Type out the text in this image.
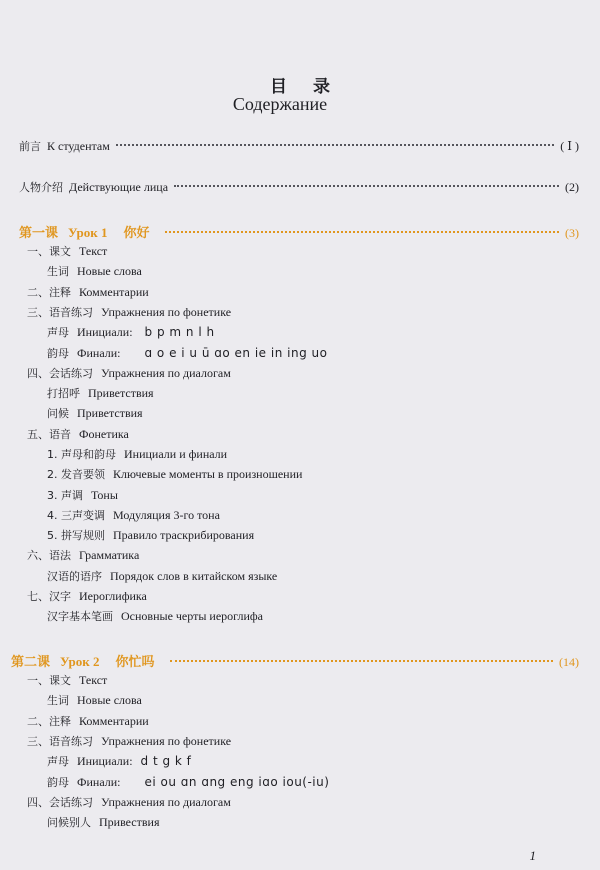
目录
Содержание
前言 К студентам	( Ⅰ )
人物介绍 Действующие лица	(2)
第一课 Урок 1 你好	(3)
一、课文 Текст
生词 Новые слова
二、注释 Комментарии
三、语音练习 Упражнения по фонетике
声母 Инициали: b p m n l h
韵母 Финали: ɑ o e i u ū ɑo en ie in ing uo
四、会话练习 Упражнения по диалогам
打招呼 Приветствия
问候 Приветствия
五、语音 Фонетика
1. 声母和韵母 Инициали и финали
2. 发音要领 Ключевые моменты в произношении
3. 声调 Тоны
4. 三声变调 Модуляция 3-го тона
5. 拼写规则 Правило траскрибирования
六、语法 Грамматика
汉语的语序 Порядок слов в китайском языке
七、汉字 Иероглифика
汉字基本笔画 Основные черты иероглифа
第二课 Урок 2 你忙吗	(14)
一、课文 Текст
生词 Новые слова
二、注释 Комментарии
三、语音练习 Упражнения по фонетике
声母 Инициали: d t g k f
韵母 Финали: ei ou ɑn ɑng eng iɑo iou(-iu)
四、会话练习 Упражнения по диалогам
问候别人 Привествия
1
